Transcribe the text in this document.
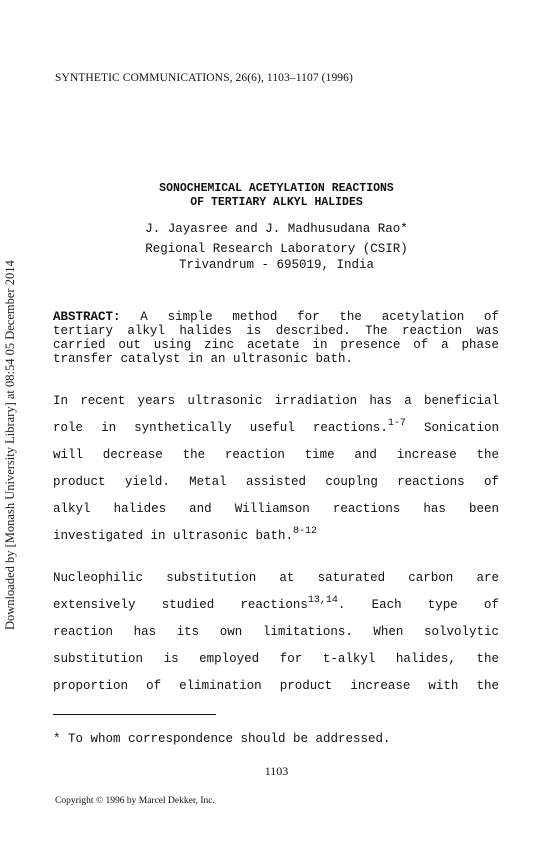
SYNTHETIC COMMUNICATIONS, 26(6), 1103–1107 (1996)
Downloaded by [Monash University Library] at 08:54 05 December 2014
SONOCHEMICAL ACETYLATION REACTIONS
OF TERTIARY ALKYL HALIDES

J. Jayasree and J. Madhusudana Rao*

Regional Research Laboratory (CSIR)

Trivandrum - 695019, India

ABSTRACT: A simple method for the acetylation of

tertiary alkyl halides is described. The reaction was

carried out using zinc acetate in presence of a phase

transfer catalyst in an ultrasonic bath.

In recent years ultrasonic irradiation has a beneficial

role in synthetically useful reactions.$^{1-7}$ Sonication

will decrease the reaction time and increase the

product yield. Metal assisted couplng reactions of

alkyl halides and Williamson reactions has been

investigated in ultrasonic bath.$^{8-12}$

Nucleophilic substitution at saturated carbon are

extensively studied reactions$^{13,14}$. Each type of

reaction has its own limitations. When solvolytic

substitution is employed for t-alkyl halides, the

proportion of elimination product increase with the

* To whom correspondence should be addressed.

1103
Copyright © 1996 by Marcel Dekker, Inc.
